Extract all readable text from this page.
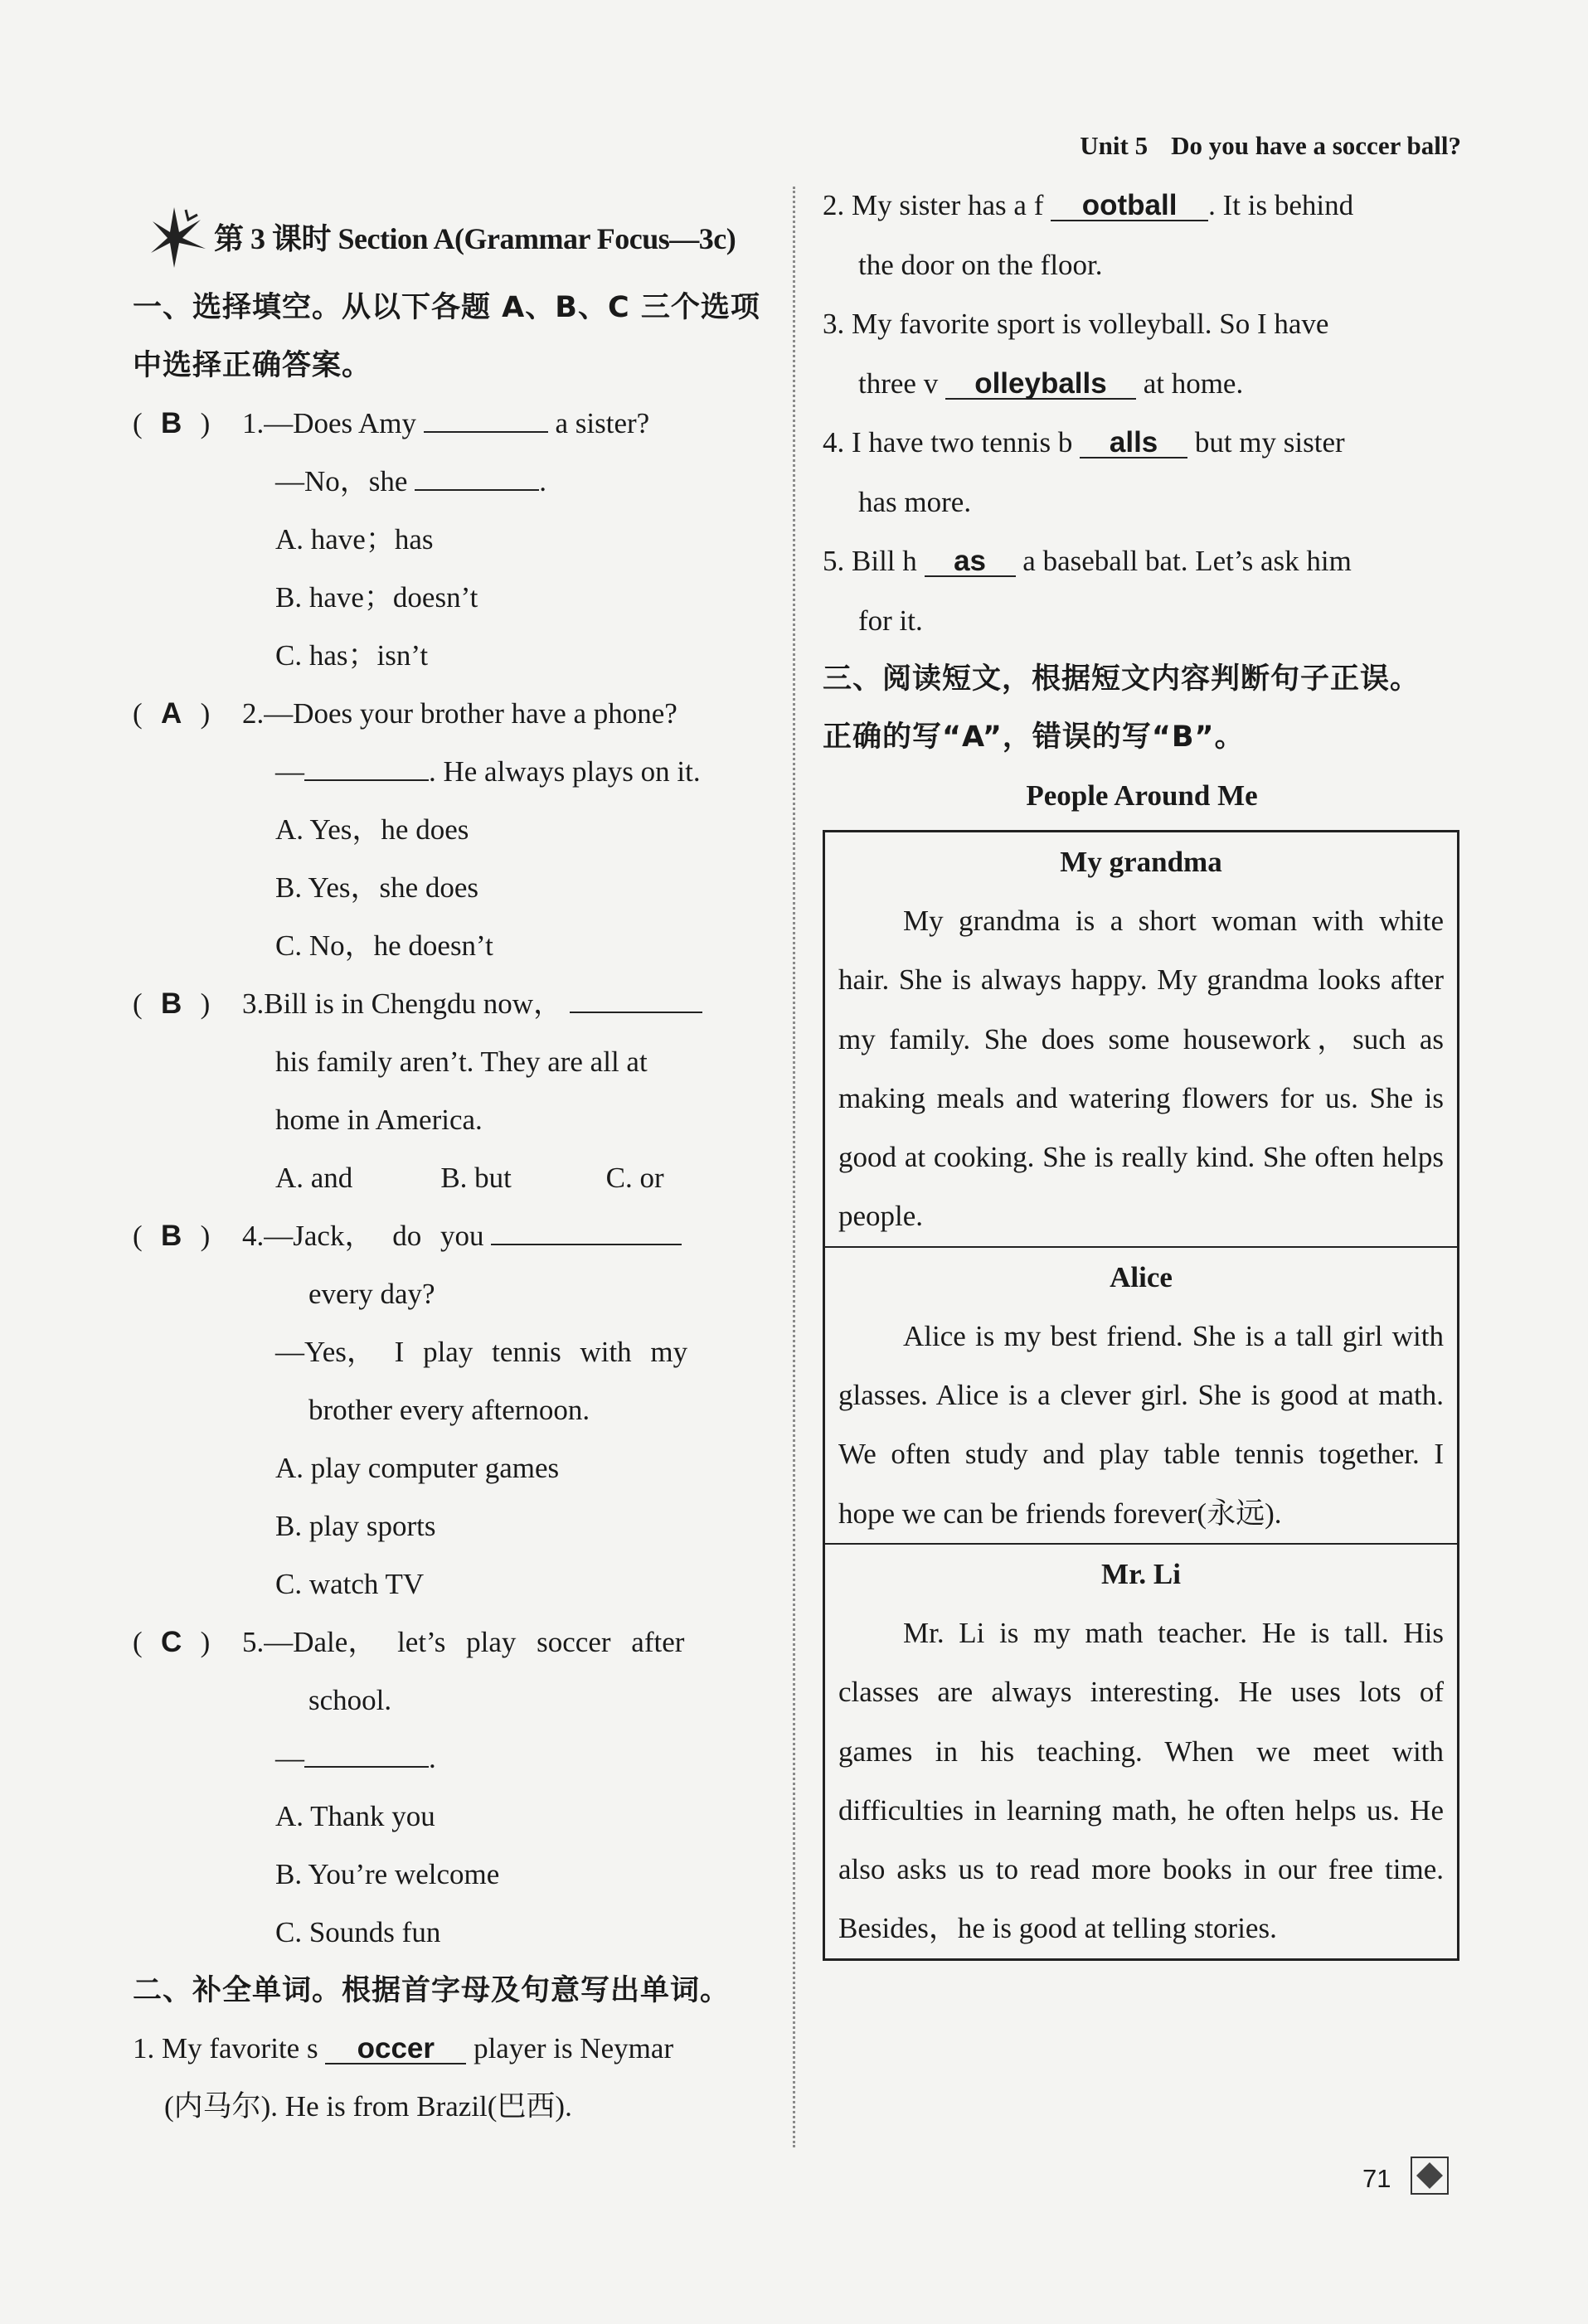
Unit 5 Do you have a soccer ball?
第 3 课时 Section A(Grammar Focus—3c)
一、选择填空。从以下各题 A、B、C 三个选项
中选择正确答案。
( B ) 1.—Does Amy	a sister?
—No，she	.
A. have；has
B. have；doesn’t
C. has；isn’t
( A ) 2.—Does your brother have a phone?
—	. He always plays on it.
A. Yes，he does
B. Yes，she does
C. No，he doesn’t
( B ) 3.Bill is in Chengdu now，
his family aren’t. They are all at
home in America.
A. and	B. but	C. or
( B ) 4.—Jack， do you
every day?
—Yes， I play tennis with my
brother every afternoon.
A. play computer games
B. play sports
C. watch TV
( C ) 5.—Dale， let’s play soccer after
school.
—	.
A. Thank you
B. You’re welcome
C. Sounds fun
二、补全单词。根据首字母及句意写出单词。
1. My favorite s occer player is Neymar
(内马尔). He is from Brazil(巴西).
2. My sister has a f ootball . It is behind
the door on the floor.
3. My favorite sport is volleyball. So I have
three v olleyballs at home.
4. I have two tennis b alls but my sister
has more.
5. Bill h as a baseball bat. Let’s ask him
for it.
三、阅读短文，根据短文内容判断句子正误。
正确的写“A”，错误的写“B”。
People Around Me
My grandma
My grandma is a short woman with white hair. She is always happy. My grandma looks after my family. She does some housework，such as making meals and watering flowers for us. She is good at cooking. She is really kind. She often helps people.
Alice
Alice is my best friend. She is a tall girl with glasses. Alice is a clever girl. She is good at math. We often study and play table tennis together. I hope we can be friends forever(永远).
Mr. Li
Mr. Li is my math teacher. He is tall. His classes are always interesting. He uses lots of games in his teaching. When we meet with difficulties in learning math, he often helps us. He also asks us to read more books in our free time. Besides，he is good at telling stories.
71
